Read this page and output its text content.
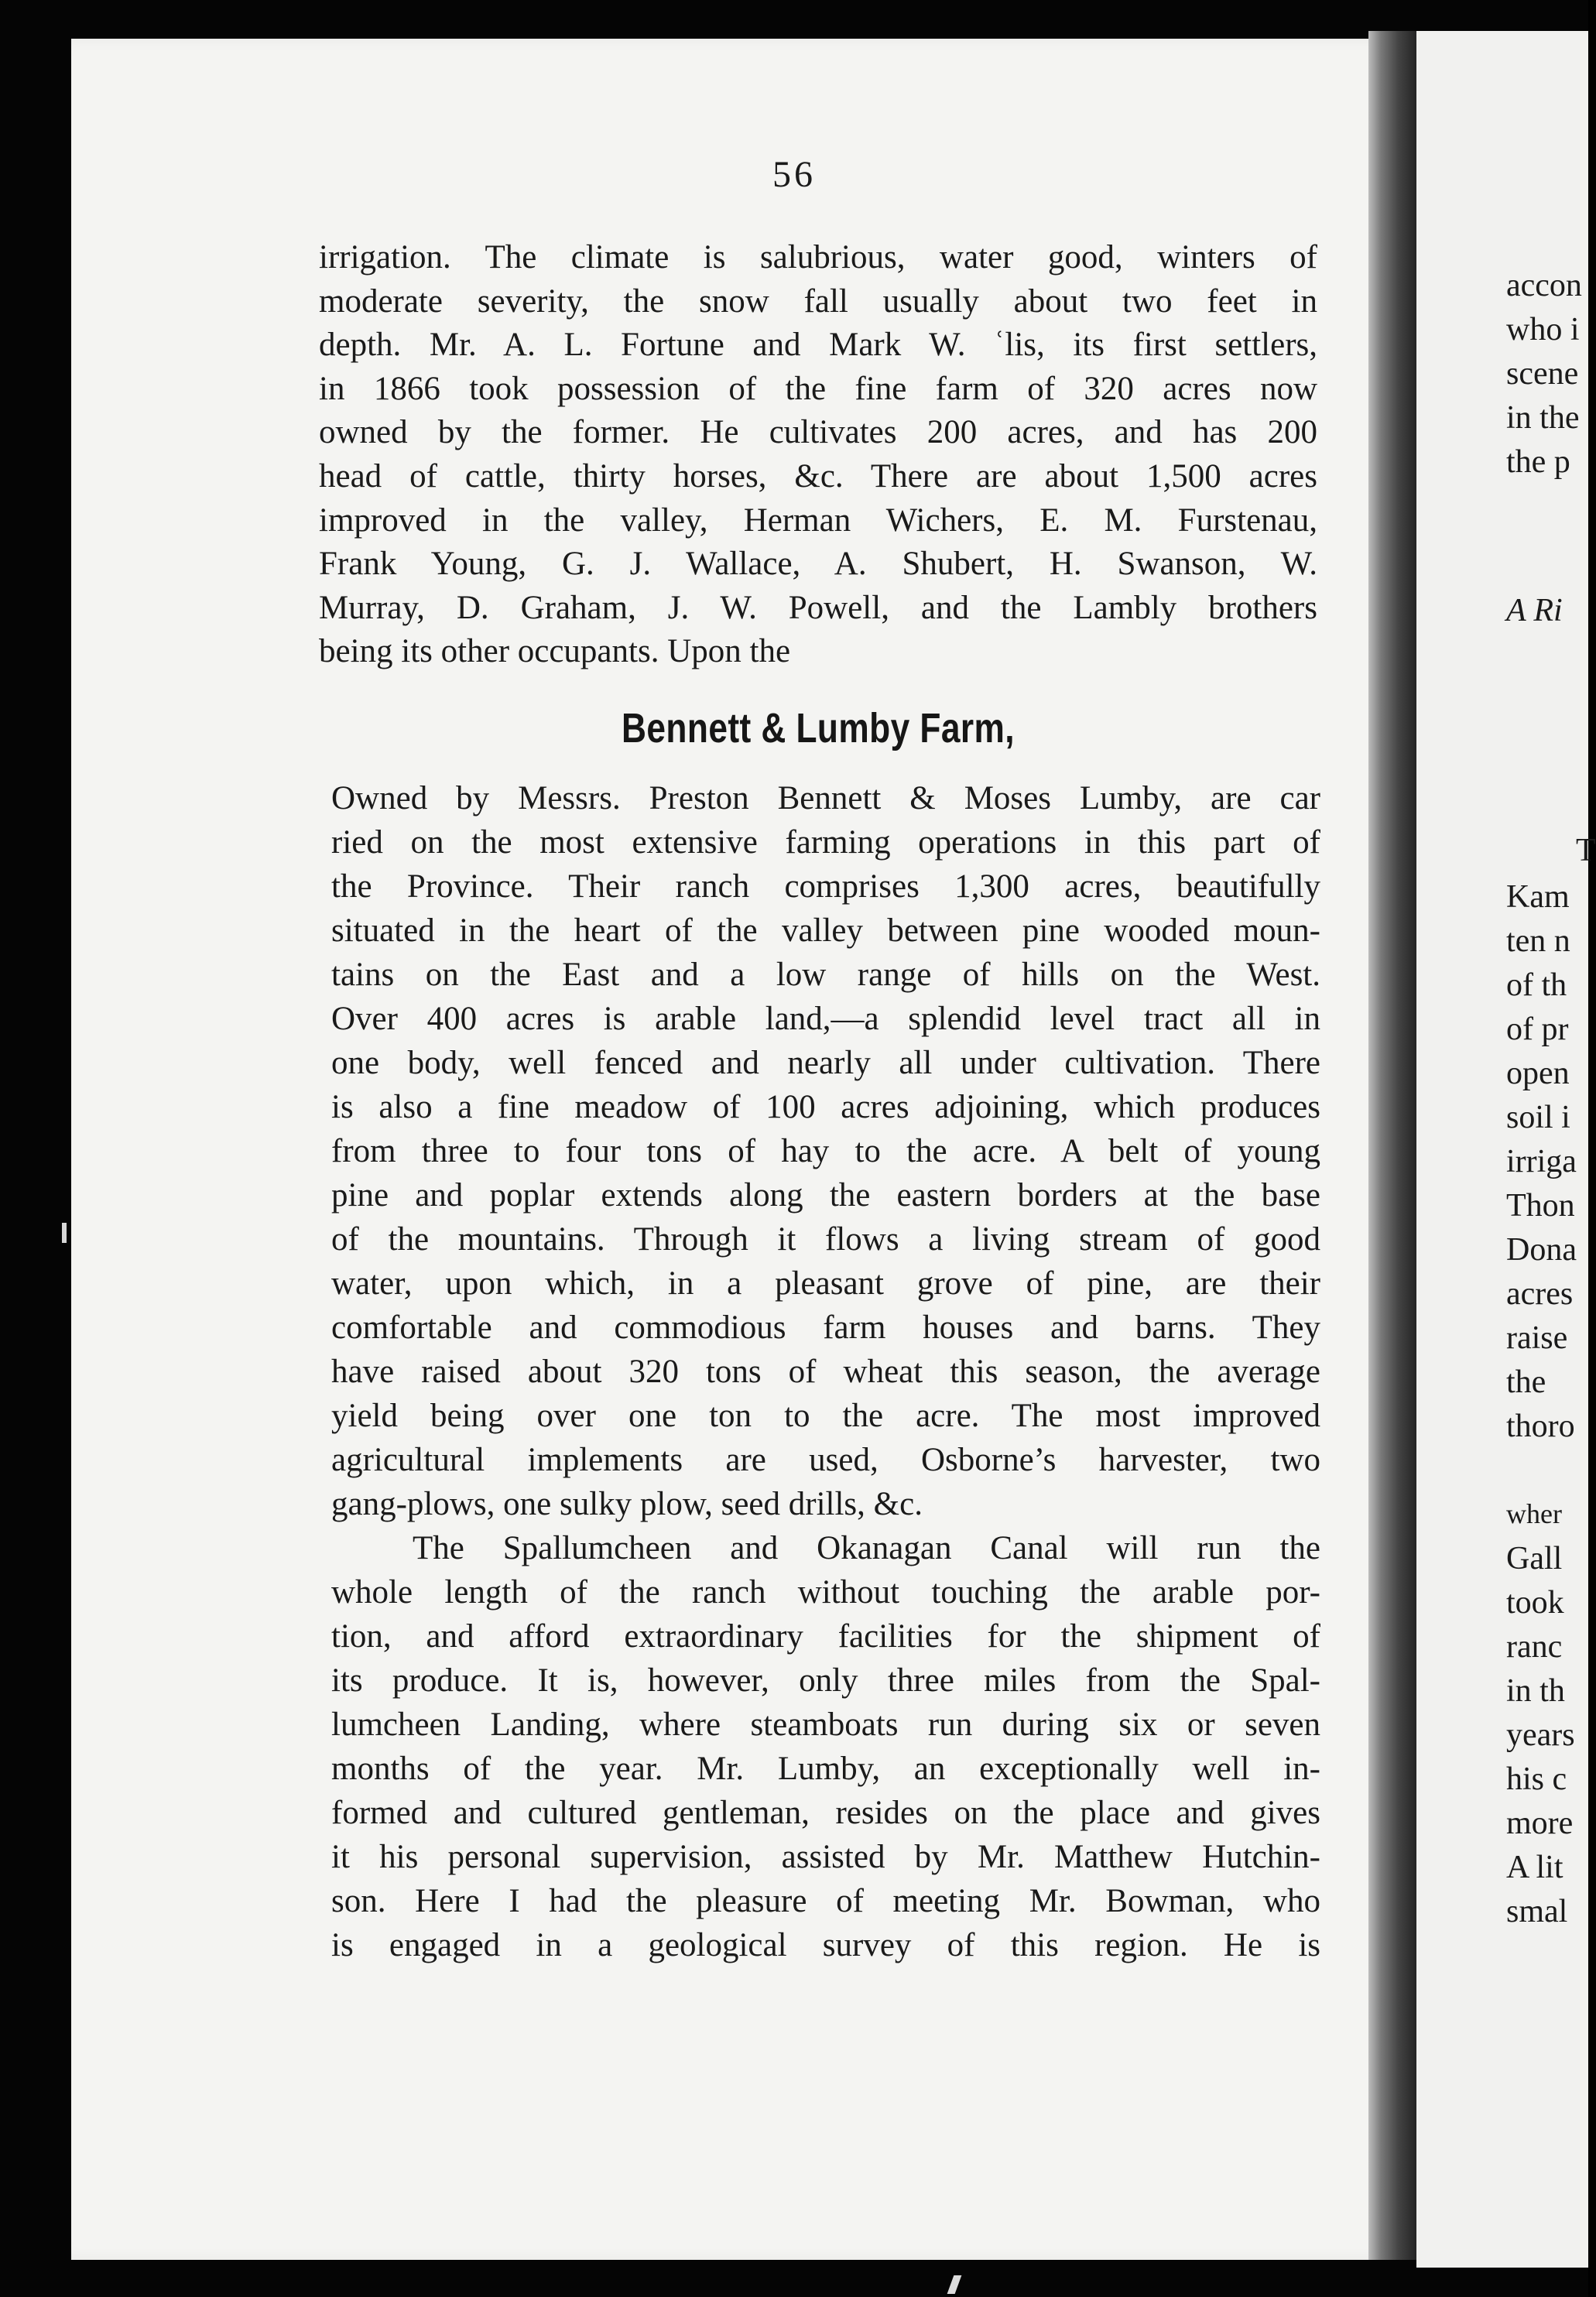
56
irrigation. The climate is salubrious, water good, winters of
moderate severity, the snow fall usually about two feet in
depth. Mr. A. L. Fortune and Mark W. ʿlis, its first settlers,
in 1866 took possession of the fine farm of 320 acres now
owned by the former. He cultivates 200 acres, and has 200
head of cattle, thirty horses, &c. There are about 1,500 acres
improved in the valley, Herman Wichers, E. M. Furstenau,
Frank Young, G. J. Wallace, A. Shubert, H. Swanson, W.
Murray, D. Graham, J. W. Powell, and the Lambly brothers
being its other occupants. Upon the
Bennett & Lumby Farm,
Owned by Messrs. Preston Bennett & Moses Lumby, are car
ried on the most extensive farming operations in this part of
the Province. Their ranch comprises 1,300 acres, beautifully
situated in the heart of the valley between pine wooded moun-
tains on the East and a low range of hills on the West.
Over 400 acres is arable land,—a splendid level tract all in
one body, well fenced and nearly all under cultivation. There
is also a fine meadow of 100 acres adjoining, which produces
from three to four tons of hay to the acre. A belt of young
pine and poplar extends along the eastern borders at the base
of the mountains. Through it flows a living stream of good
water, upon which, in a pleasant grove of pine, are their
comfortable and commodious farm houses and barns. They
have raised about 320 tons of wheat this season, the average
yield being over one ton to the acre. The most improved
agricultural implements are used, Osborne’s harvester, two
gang-plows, one sulky plow, seed drills, &c.
The Spallumcheen and Okanagan Canal will run the
whole length of the ranch without touching the arable por-
tion, and afford extraordinary facilities for the shipment of
its produce. It is, however, only three miles from the Spal-
lumcheen Landing, where steamboats run during six or seven
months of the year. Mr. Lumby, an exceptionally well in-
formed and cultured gentleman, resides on the place and gives
it his personal supervision, assisted by Mr. Matthew Hutchin-
son. Here I had the pleasure of meeting Mr. Bowman, who
is engaged in a geological survey of this region. He is
accon
who i
scene
in the
the p
A Ri
T
Kam
ten n
of th
of pr
open
soil i
irriga
Thon
Dona
acres
raise
the
thoro
wher
Gall
took
ranc
in th
years
his c
more
A lit
smal
